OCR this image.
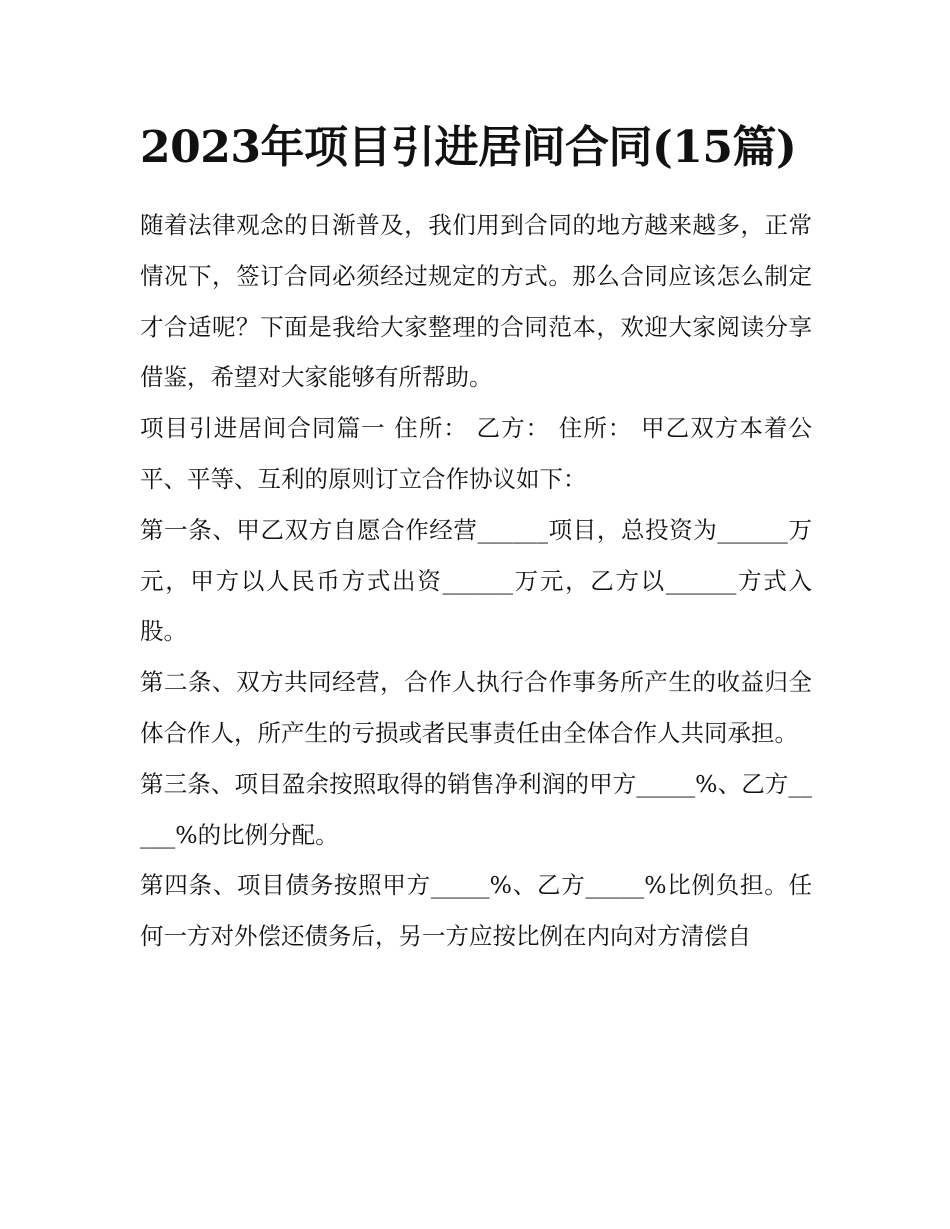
2023年项目引进居间合同(15篇)

随着法律观念的日渐普及，我们用到合同的地方越来越多，正常情况下，签订合同必须经过规定的方式。那么合同应该怎么制定才合适呢？下面是我给大家整理的合同范本，欢迎大家阅读分享借鉴，希望对大家能够有所帮助。

项目引进居间合同篇一 住所： 乙方： 住所： 甲乙双方本着公平、平等、互利的原则订立合作协议如下：

第一条、甲乙双方自愿合作经营______项目，总投资为______万元，甲方以人民币方式出资______万元，乙方以______方式入股。

第二条、双方共同经营，合作人执行合作事务所产生的收益归全体合作人，所产生的亏损或者民事责任由全体合作人共同承担。

第三条、项目盈余按照取得的销售净利润的甲方_____%、乙方_____%的比例分配。

第四条、项目债务按照甲方_____%、乙方_____%比例负担。任何一方对外偿还债务后，另一方应按比例在内向对方清偿自
